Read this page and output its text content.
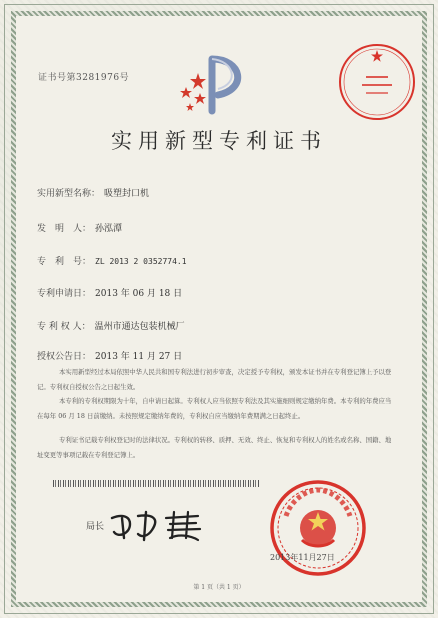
证书号第3281976号
实用新型专利证书
实用新型名称： 吸塑封口机
发　明　人： 孙泓潭
专　利　号： ZL 2013 2 0352774.1
专利申请日： 2013 年 06 月 18 日
专 利 权 人： 温州市通达包装机械厂
授权公告日： 2013 年 11 月 27 日
本实用新型经过本局依照中华人民共和国专利法进行初步审查，决定授予专利权，颁发本证书并在专利登记簿上予以登记。专利权自授权公告之日起生效。
本专利的专利权期限为十年，自申请日起算。专利权人应当依照专利法及其实施细则规定缴纳年费。本专利的年费应当在每年 06 月 18 日前缴纳。未按照规定缴纳年费的，专利权自应当缴纳年费期满之日起终止。
专利证书记载专利权登记时的法律状况。专利权的转移、质押、无效、终止、恢复和专利权人的姓名或名称、国籍、地址变更等事项记载在专利登记簿上。
局长
2013年11月27日
第 1 页（共 1 页）
